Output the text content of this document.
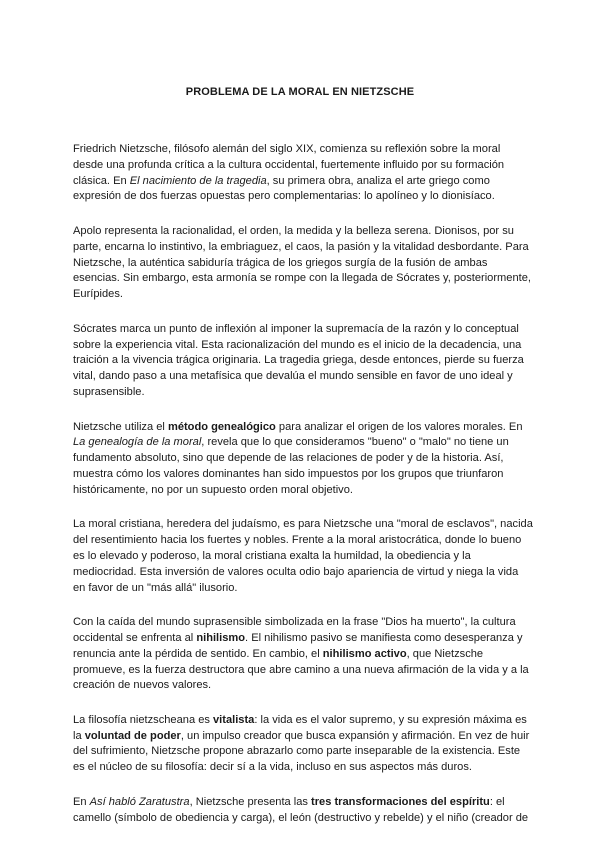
PROBLEMA DE LA MORAL EN NIETZSCHE

Friedrich Nietzsche, filósofo alemán del siglo XIX, comienza su reflexión sobre la moral desde una profunda crítica a la cultura occidental, fuertemente influido por su formación clásica. En El nacimiento de la tragedia, su primera obra, analiza el arte griego como expresión de dos fuerzas opuestas pero complementarias: lo apolíneo y lo dionisíaco.

Apolo representa la racionalidad, el orden, la medida y la belleza serena. Dionisos, por su parte, encarna lo instintivo, la embriaguez, el caos, la pasión y la vitalidad desbordante. Para Nietzsche, la auténtica sabiduría trágica de los griegos surgía de la fusión de ambas esencias. Sin embargo, esta armonía se rompe con la llegada de Sócrates y, posteriormente, Eurípides.

Sócrates marca un punto de inflexión al imponer la supremacía de la razón y lo conceptual sobre la experiencia vital. Esta racionalización del mundo es el inicio de la decadencia, una traición a la vivencia trágica originaria. La tragedia griega, desde entonces, pierde su fuerza vital, dando paso a una metafísica que devalúa el mundo sensible en favor de uno ideal y suprasensible.

Nietzsche utiliza el método genealógico para analizar el origen de los valores morales. En La genealogía de la moral, revela que lo que consideramos "bueno" o "malo" no tiene un fundamento absoluto, sino que depende de las relaciones de poder y de la historia. Así, muestra cómo los valores dominantes han sido impuestos por los grupos que triunfaron históricamente, no por un supuesto orden moral objetivo.

La moral cristiana, heredera del judaísmo, es para Nietzsche una "moral de esclavos", nacida del resentimiento hacia los fuertes y nobles. Frente a la moral aristocrática, donde lo bueno es lo elevado y poderoso, la moral cristiana exalta la humildad, la obediencia y la mediocridad. Esta inversión de valores oculta odio bajo apariencia de virtud y niega la vida en favor de un "más allá" ilusorio.

Con la caída del mundo suprasensible simbolizada en la frase "Dios ha muerto", la cultura occidental se enfrenta al nihilismo. El nihilismo pasivo se manifiesta como desesperanza y renuncia ante la pérdida de sentido. En cambio, el nihilismo activo, que Nietzsche promueve, es la fuerza destructora que abre camino a una nueva afirmación de la vida y a la creación de nuevos valores.

La filosofía nietzscheana es vitalista: la vida es el valor supremo, y su expresión máxima es la voluntad de poder, un impulso creador que busca expansión y afirmación. En vez de huir del sufrimiento, Nietzsche propone abrazarlo como parte inseparable de la existencia. Este es el núcleo de su filosofía: decir sí a la vida, incluso en sus aspectos más duros.

En Así habló Zaratustra, Nietzsche presenta las tres transformaciones del espíritu: el camello (símbolo de obediencia y carga), el león (destructivo y rebelde) y el niño (creador de
